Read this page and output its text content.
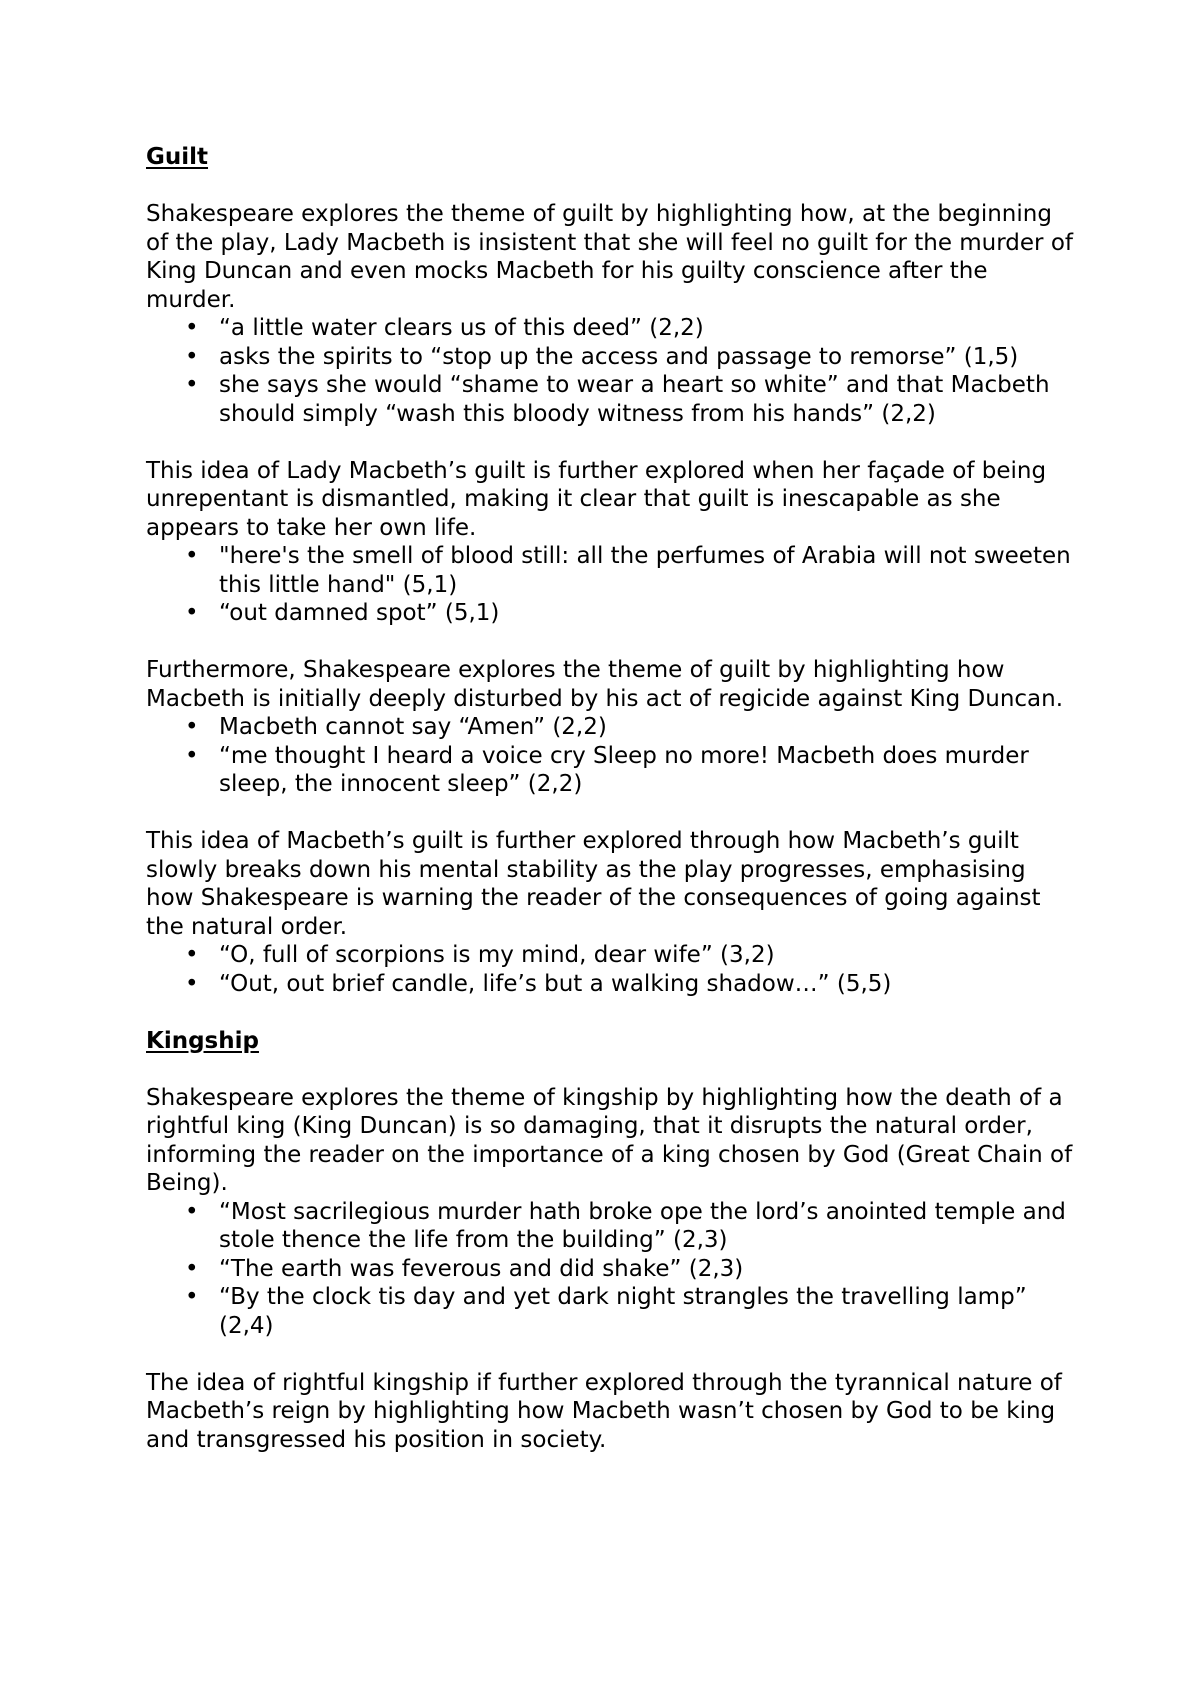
Guilt

Shakespeare explores the theme of guilt by highlighting how, at the beginning of the play, Lady Macbeth is insistent that she will feel no guilt for the murder of King Duncan and even mocks Macbeth for his guilty conscience after the murder.

• “a little water clears us of this deed” (2,2)
• asks the spirits to “stop up the access and passage to remorse” (1,5)
• she says she would “shame to wear a heart so white” and that Macbeth should simply “wash this bloody witness from his hands” (2,2)

This idea of Lady Macbeth’s guilt is further explored when her façade of being unrepentant is dismantled, making it clear that guilt is inescapable as she appears to take her own life.

• "here's the smell of blood still: all the perfumes of Arabia will not sweeten this little hand" (5,1)
• “out damned spot” (5,1)

Furthermore, Shakespeare explores the theme of guilt by highlighting how Macbeth is initially deeply disturbed by his act of regicide against King Duncan.

• Macbeth cannot say “Amen” (2,2)
• “me thought I heard a voice cry Sleep no more! Macbeth does murder sleep, the innocent sleep” (2,2)

This idea of Macbeth’s guilt is further explored through how Macbeth’s guilt slowly breaks down his mental stability as the play progresses, emphasising how Shakespeare is warning the reader of the consequences of going against the natural order.

• “O, full of scorpions is my mind, dear wife” (3,2)
• “Out, out brief candle, life’s but a walking shadow…” (5,5)
Kingship

Shakespeare explores the theme of kingship by highlighting how the death of a rightful king (King Duncan) is so damaging, that it disrupts the natural order, informing the reader on the importance of a king chosen by God (Great Chain of Being).

• “Most sacrilegious murder hath broke ope the lord’s anointed temple and stole thence the life from the building” (2,3)
• “The earth was feverous and did shake” (2,3)
• “By the clock tis day and yet dark night strangles the travelling lamp” (2,4)

The idea of rightful kingship if further explored through the tyrannical nature of Macbeth’s reign by highlighting how Macbeth wasn’t chosen by God to be king and transgressed his position in society.
